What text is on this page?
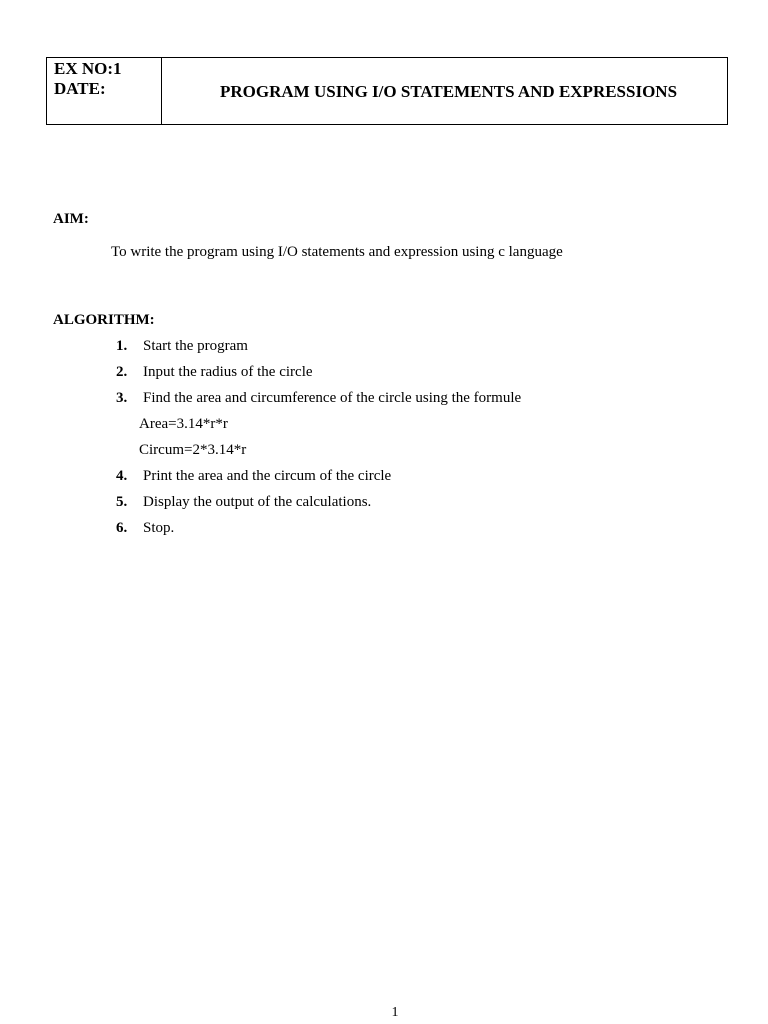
EX NO:1
DATE:	PROGRAM USING I/O STATEMENTS AND EXPRESSIONS
AIM:
To write the program using I/O statements and expression using c language
ALGORITHM:
1. Start the program
2. Input the radius of the circle
3. Find the area and circumference of the circle using the formule
Area=3.14*r*r
Circum=2*3.14*r
4. Print the area and the circum of the circle
5. Display the output of the calculations.
6. Stop.
1
